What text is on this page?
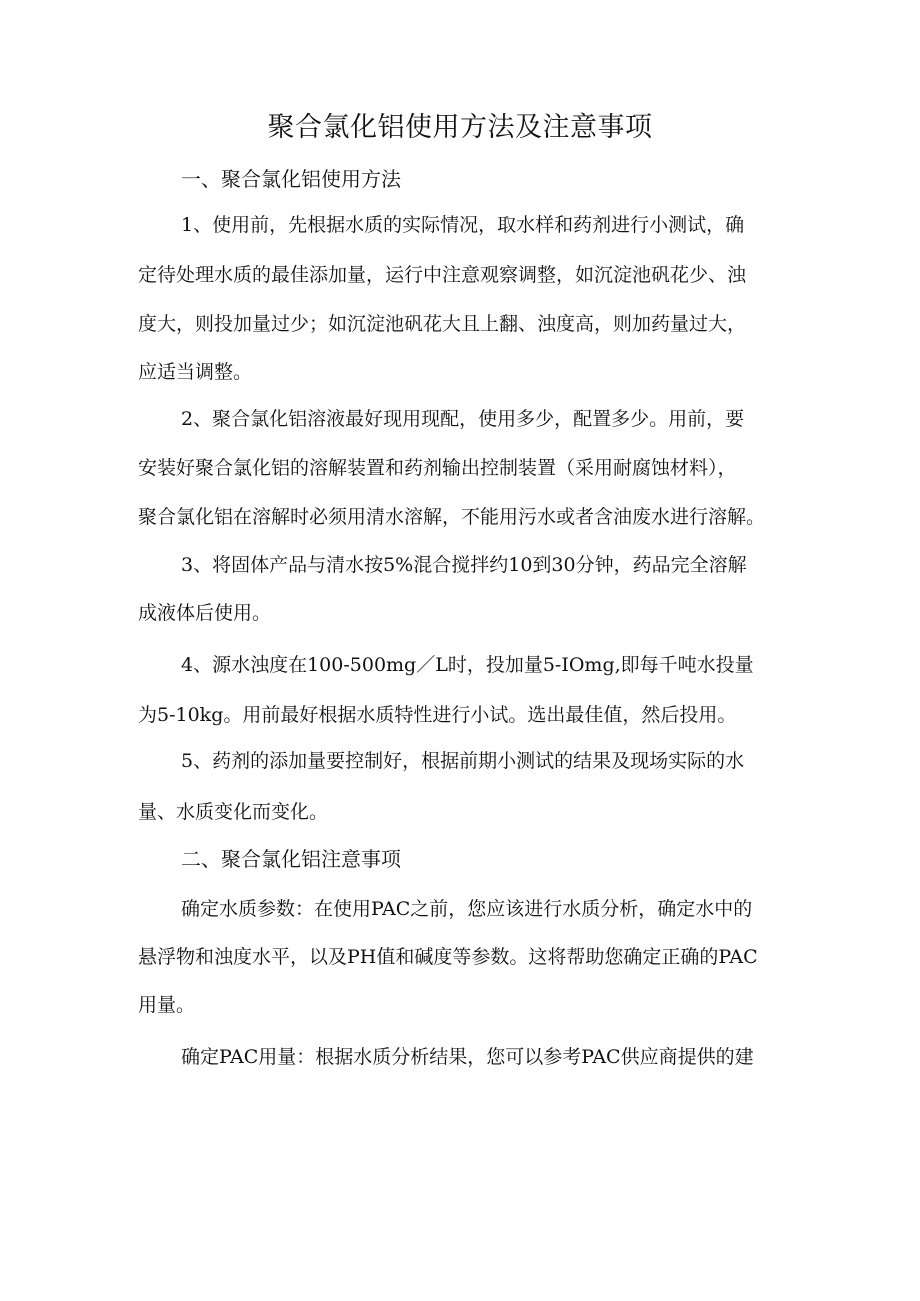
聚合氯化铝使用方法及注意事项
一、聚合氯化铝使用方法
1、使用前，先根据水质的实际情况，取水样和药剂进行小测试，确
定待处理水质的最佳添加量，运行中注意观察调整，如沉淀池矾花少、浊
度大，则投加量过少；如沉淀池矾花大且上翻、浊度高，则加药量过大，
应适当调整。
2、聚合氯化铝溶液最好现用现配，使用多少，配置多少。用前，要
安装好聚合氯化铝的溶解装置和药剂输出控制装置（采用耐腐蚀材料），
聚合氯化铝在溶解时必须用清水溶解，不能用污水或者含油废水进行溶解。
3、将固体产品与清水按5%混合搅拌约10到30分钟，药品完全溶解
成液体后使用。
4、源水浊度在100-500mg／L时，投加量5-IOmg,即每千吨水投量
为5-10kg。用前最好根据水质特性进行小试。选出最佳值，然后投用。
5、药剂的添加量要控制好，根据前期小测试的结果及现场实际的水
量、水质变化而变化。
二、聚合氯化铝注意事项
确定水质参数：在使用PAC之前，您应该进行水质分析，确定水中的
悬浮物和浊度水平，以及PH值和碱度等参数。这将帮助您确定正确的PAC
用量。
确定PAC用量：根据水质分析结果，您可以参考PAC供应商提供的建
